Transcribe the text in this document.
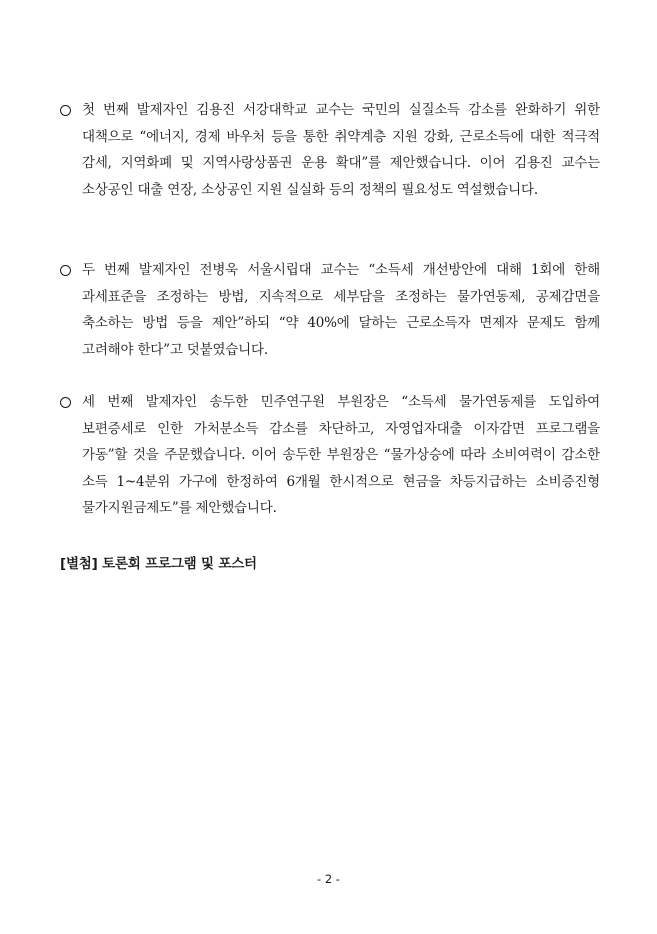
첫 번째 발제자인 김용진 서강대학교 교수는 국민의 실질소득 감소를 완화하기 위한 대책으로 “에너지, 경제 바우처 등을 통한 취약계층 지원 강화, 근로소득에 대한 적극적 감세, 지역화폐 및 지역사랑상품권 운용 확대”를 제안했습니다. 이어 김용진 교수는 소상공인 대출 연장, 소상공인 지원 실실화 등의 정책의 필요성도 역설했습니다.

두 번째 발제자인 전병욱 서울시립대 교수는 “소득세 개선방안에 대해 1회에 한해 과세표준을 조정하는 방법, 지속적으로 세부담을 조정하는 물가연동제, 공제감면을 축소하는 방법 등을 제안”하되 “약 40%에 달하는 근로소득자 면제자 문제도 함께 고려해야 한다”고 덧붙였습니다.

세 번째 발제자인 송두한 민주연구원 부원장은 “소득세 물가연동제를 도입하여 보편증세로 인한 가처분소득 감소를 차단하고, 자영업자대출 이자감면 프로그램을 가동”할 것을 주문했습니다. 이어 송두한 부원장은 “물가상승에 따라 소비여력이 감소한 소득 1~4분위 가구에 한정하여 6개월 한시적으로 현금을 차등지급하는 소비증진형 물가지원금제도”를 제안했습니다.

[별첨] 토론회 프로그램 및 포스터
- 2 -
